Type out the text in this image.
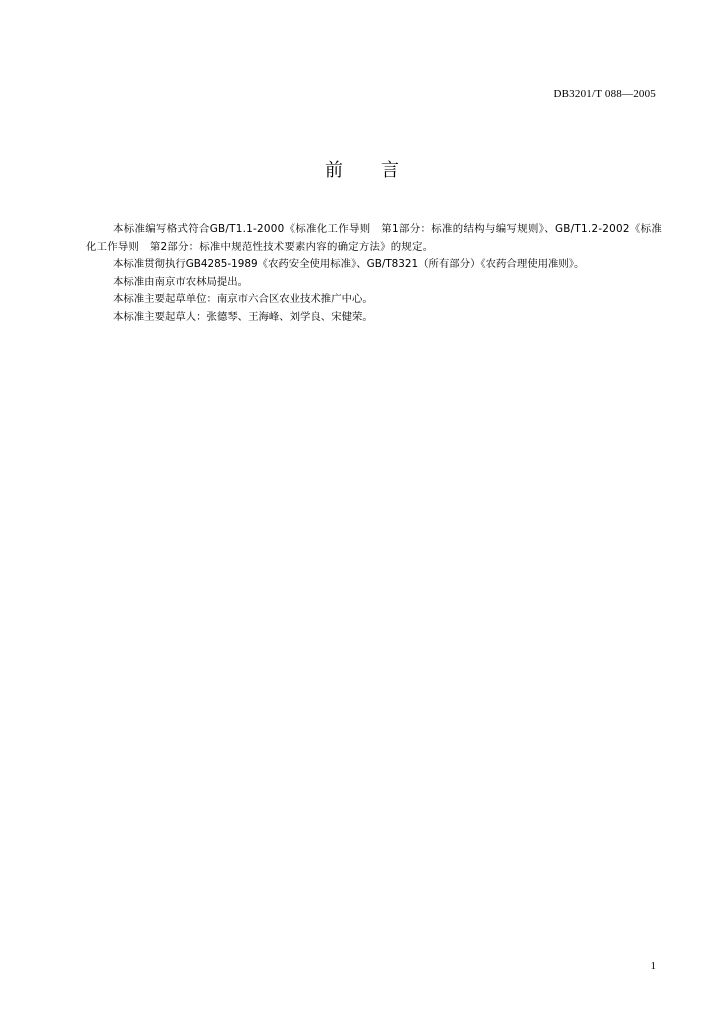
DB3201/T 088—2005
前 言

本标准编写格式符合GB/T1.1-2000《标准化工作导则　第1部分：标准的结构与编写规则》、GB/T1.2-2002《标准化工作导则　第2部分：标准中规范性技术要素内容的确定方法》的规定。

本标准贯彻执行GB4285-1989《农药安全使用标准》、GB/T8321（所有部分）《农药合理使用准则》。

本标准由南京市农林局提出。

本标准主要起草单位：南京市六合区农业技术推广中心。

本标准主要起草人：张德琴、王海峰、刘学良、宋健荣。

1
